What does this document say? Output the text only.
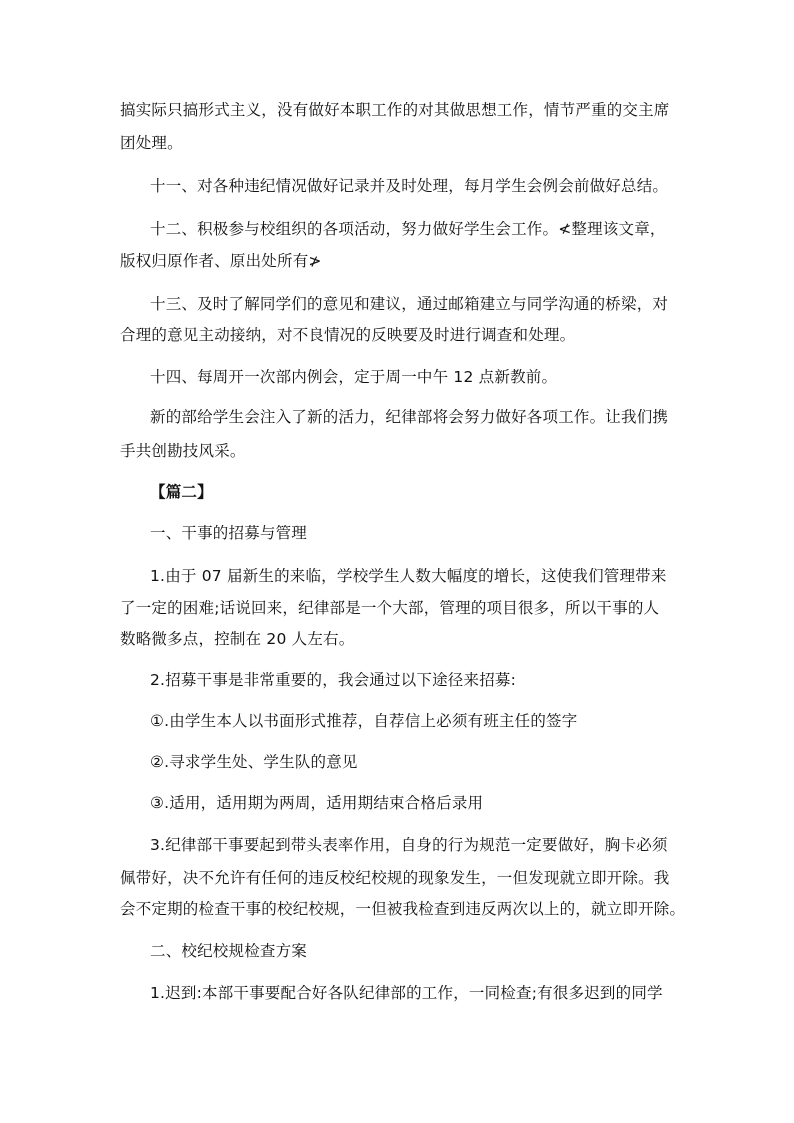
搞实际只搞形式主义，没有做好本职工作的对其做思想工作，情节严重的交主席
团处理。
十一、对各种违纪情况做好记录并及时处理，每月学生会例会前做好总结。
十二、积极参与校组织的各项活动，努力做好学生会工作。≮整理该文章，
版权归原作者、原出处所有≯
十三、及时了解同学们的意见和建议，通过邮箱建立与同学沟通的桥梁，对
合理的意见主动接纳，对不良情况的反映要及时进行调查和处理。
十四、每周开一次部内例会，定于周一中午 12 点新教前。
新的部给学生会注入了新的活力，纪律部将会努力做好各项工作。让我们携
手共创勘技风采。
【篇二】
一、干事的招募与管理
1.由于 07 届新生的来临，学校学生人数大幅度的增长，这使我们管理带来
了一定的困难;话说回来，纪律部是一个大部，管理的项目很多，所以干事的人
数略微多点，控制在 20 人左右。
2.招募干事是非常重要的，我会通过以下途径来招募:
①.由学生本人以书面形式推荐，自荐信上必须有班主任的签字
②.寻求学生处、学生队的意见
③.适用，适用期为两周，适用期结束合格后录用
3.纪律部干事要起到带头表率作用，自身的行为规范一定要做好，胸卡必须
佩带好，决不允许有任何的违反校纪校规的现象发生，一但发现就立即开除。我
会不定期的检查干事的校纪校规，一但被我检查到违反两次以上的，就立即开除。
二、校纪校规检查方案
1.迟到:本部干事要配合好各队纪律部的工作，一同检查;有很多迟到的同学
